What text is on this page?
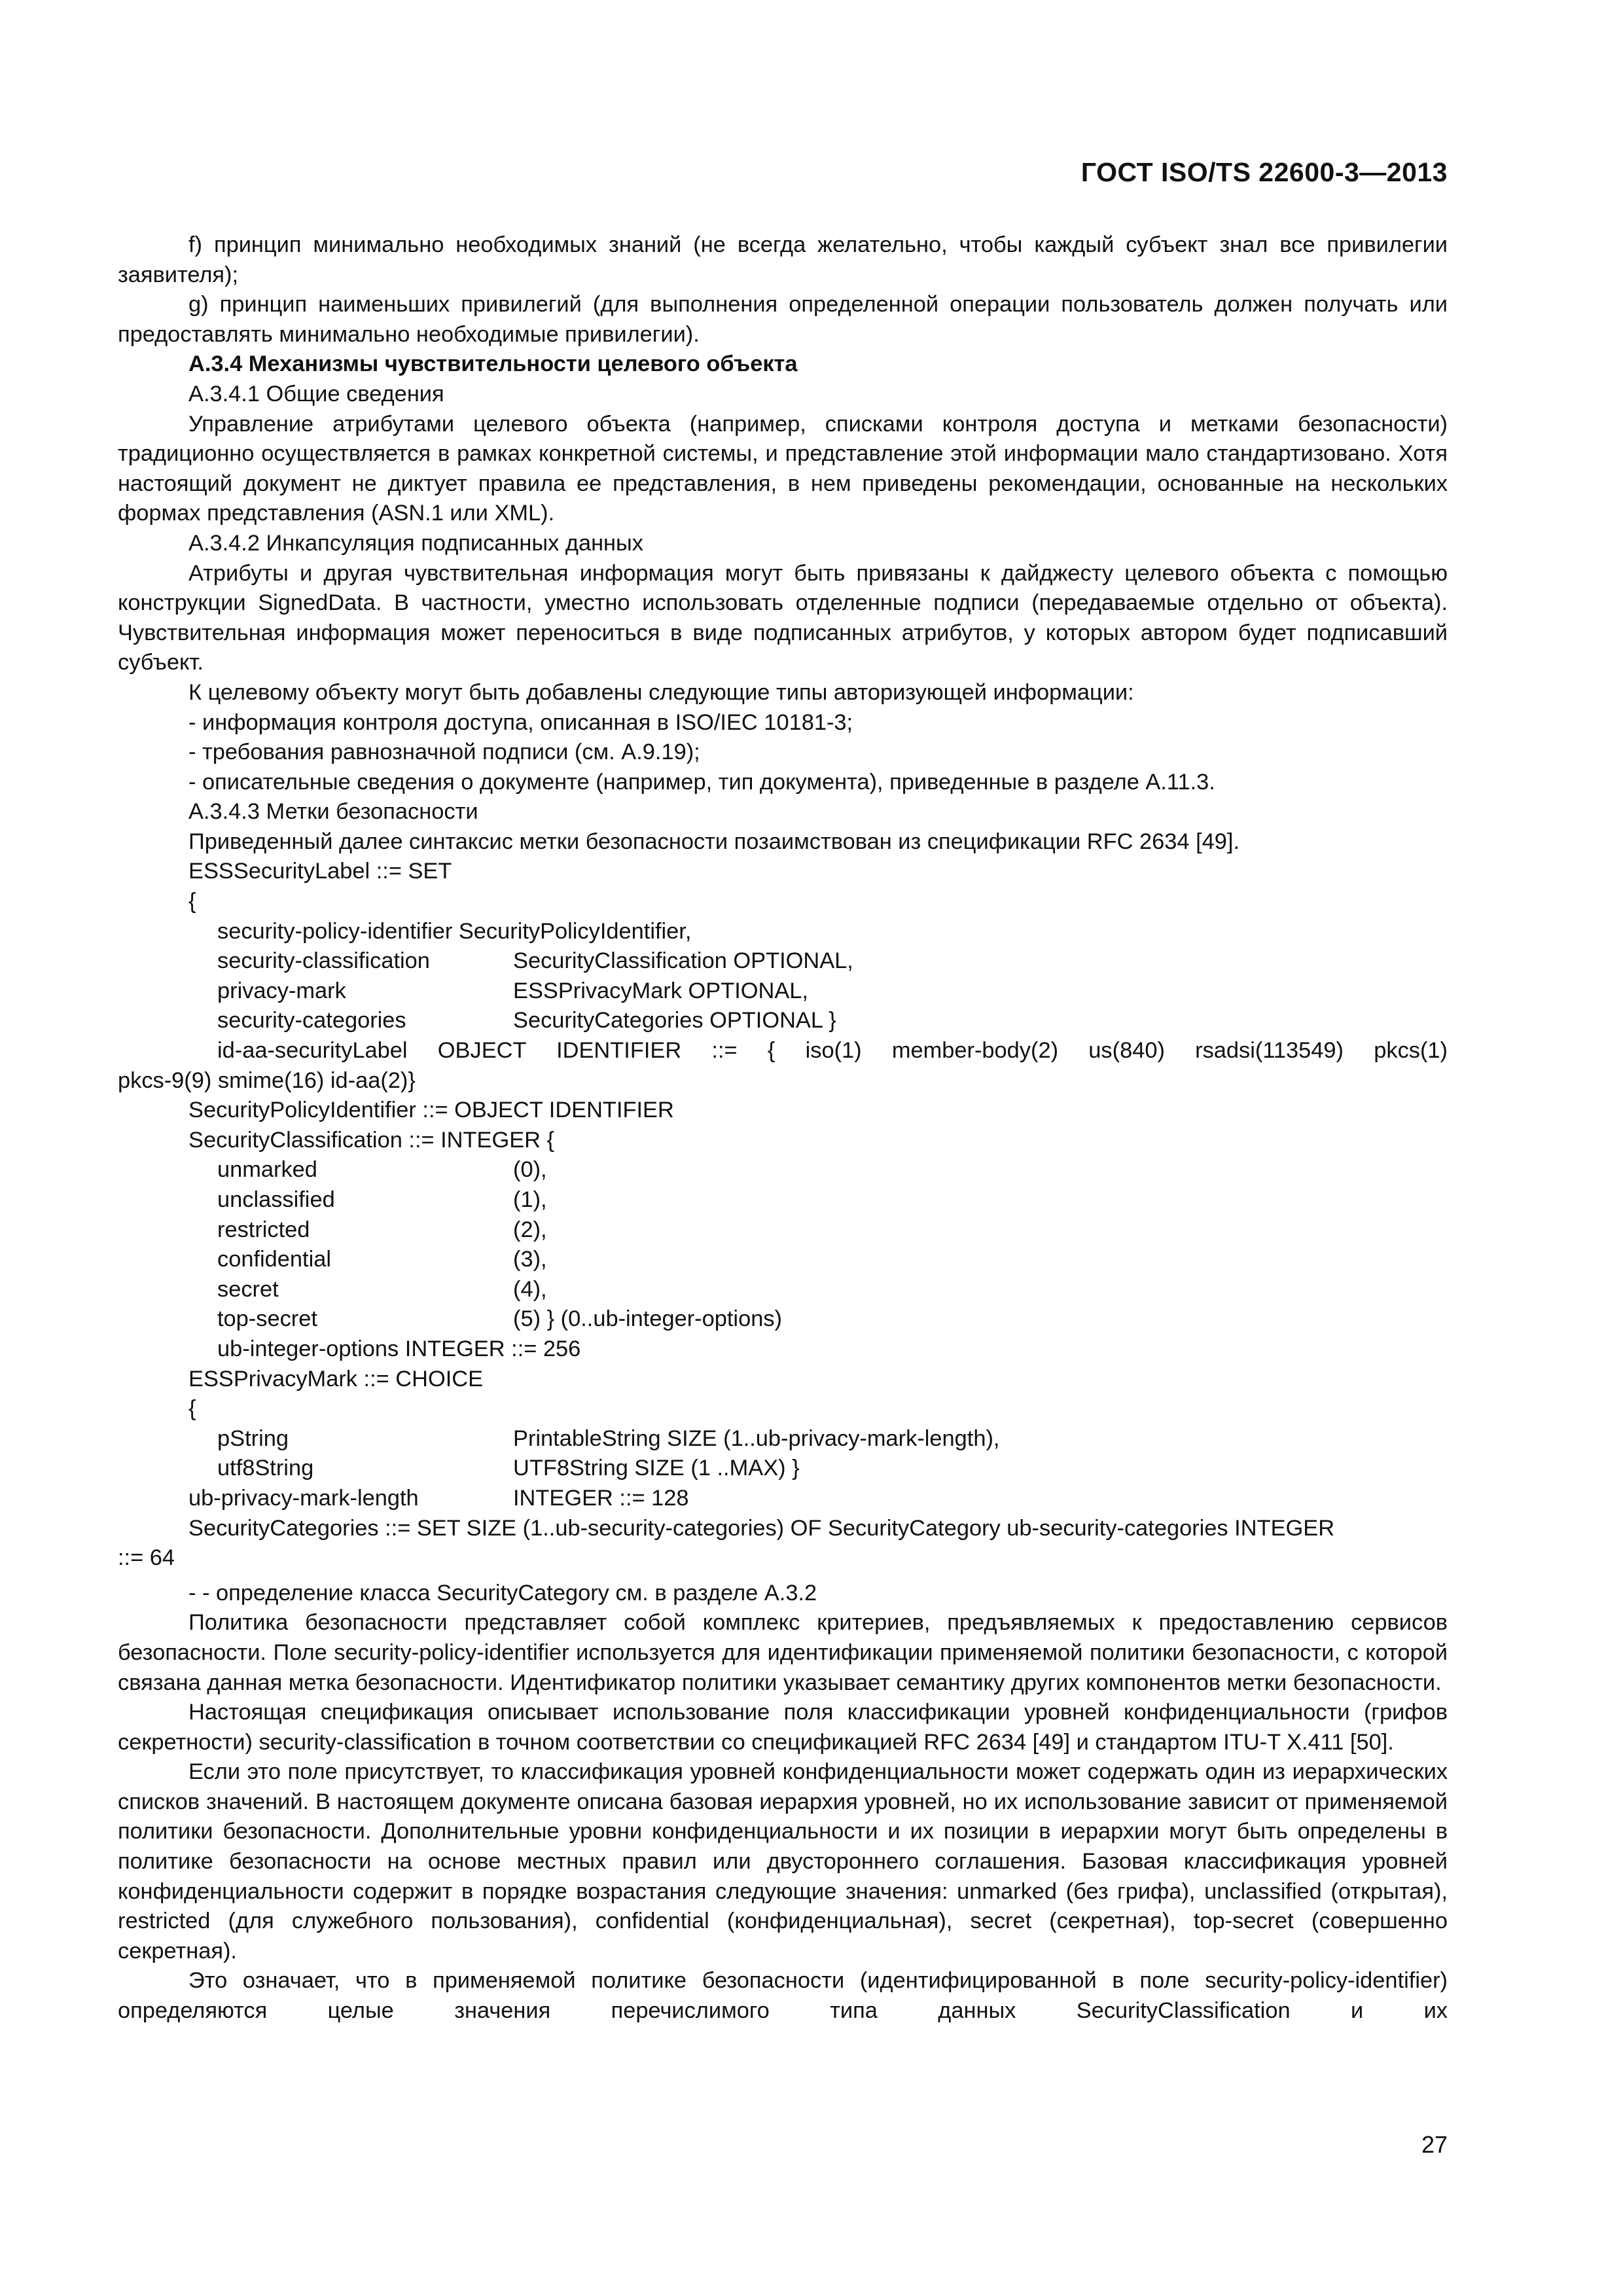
ГОСТ ISO/TS 22600-3—2013

f) принцип минимально необходимых знаний (не всегда желательно, чтобы каждый субъект знал все привилегии заявителя);

g) принцип наименьших привилегий (для выполнения определенной операции пользователь должен получать или предоставлять минимально необходимые привилегии).

А.3.4 Механизмы чувствительности целевого объекта

А.3.4.1 Общие сведения

Управление атрибутами целевого объекта (например, списками контроля доступа и метками безопасности) традиционно осуществляется в рамках конкретной системы, и представление этой информации мало стандартизовано. Хотя настоящий документ не диктует правила ее представления, в нем приведены рекомендации, основанные на нескольких формах представления (ASN.1 или XML).

А.3.4.2 Инкапсуляция подписанных данных

Атрибуты и другая чувствительная информация могут быть привязаны к дайджесту целевого объекта с помощью конструкции SignedData. В частности, уместно использовать отделенные подписи (передаваемые отдельно от объекта). Чувствительная информация может переноситься в виде подписанных атрибутов, у которых автором будет подписавший субъект.

К целевому объекту могут быть добавлены следующие типы авторизующей информации:

- информация контроля доступа, описанная в ISO/IEC 10181-3;

- требования равнозначной подписи (см. А.9.19);

- описательные сведения о документе (например, тип документа), приведенные в разделе А.11.3.

А.3.4.3 Метки безопасности

Приведенный далее синтаксис метки безопасности позаимствован из спецификации RFC 2634 [49].

ESSSecurityLabel ::= SET

{

security-policy-identifier SecurityPolicyIdentifier,

security-classification	SecurityClassification OPTIONAL,
privacy-mark	ESSPrivacyMark OPTIONAL,
security-categories	SecurityCategories OPTIONAL }

id-aa-securityLabel OBJECT IDENTIFIER ::= { iso(1) member-body(2) us(840) rsadsi(113549) pkcs(1)

pkcs-9(9) smime(16) id-aa(2)}

SecurityPolicyIdentifier ::= OBJECT IDENTIFIER

SecurityClassification ::= INTEGER {

unmarked	(0),
unclassified	(1),
restricted	(2),
confidential	(3),
secret	(4),
top-secret	(5) } (0..ub-integer-options)

ub-integer-options INTEGER ::= 256

ESSPrivacyMark ::= CHOICE

{

pString	PrintableString SIZE (1..ub-privacy-mark-length),
utf8String	UTF8String SIZE (1 ..MAX) }
ub-privacy-mark-length	INTEGER ::= 128

SecurityCategories ::= SET SIZE (1..ub-security-categories) OF SecurityCategory ub-security-categories INTEGER

::= 64

- - определение класса SecurityCategory см. в разделе А.3.2

Политика безопасности представляет собой комплекс критериев, предъявляемых к предоставлению сервисов безопасности. Поле security-policy-identifier используется для идентификации применяемой политики безопасности, с которой связана данная метка безопасности. Идентификатор политики указывает семантику других компонентов метки безопасности.

Настоящая спецификация описывает использование поля классификации уровней конфиденциальности (грифов секретности) security-classification в точном соответствии со спецификацией RFC 2634 [49] и стандартом ITU-T X.411 [50].

Если это поле присутствует, то классификация уровней конфиденциальности может содержать один из иерархических списков значений. В настоящем документе описана базовая иерархия уровней, но их использование зависит от применяемой политики безопасности. Дополнительные уровни конфиденциальности и их позиции в иерархии могут быть определены в политике безопасности на основе местных правил или двустороннего соглашения. Базовая классификация уровней конфиденциальности содержит в порядке возрастания следующие значения: unmarked (без грифа), unclassified (открытая), restricted (для служебного пользования), confidential (конфиденциальная), secret (секретная), top-secret (совершенно секретная).

Это означает, что в применяемой политике безопасности (идентифицированной в поле security-policy-identifier) определяются целые значения перечислимого типа данных SecurityClassification и их

27
